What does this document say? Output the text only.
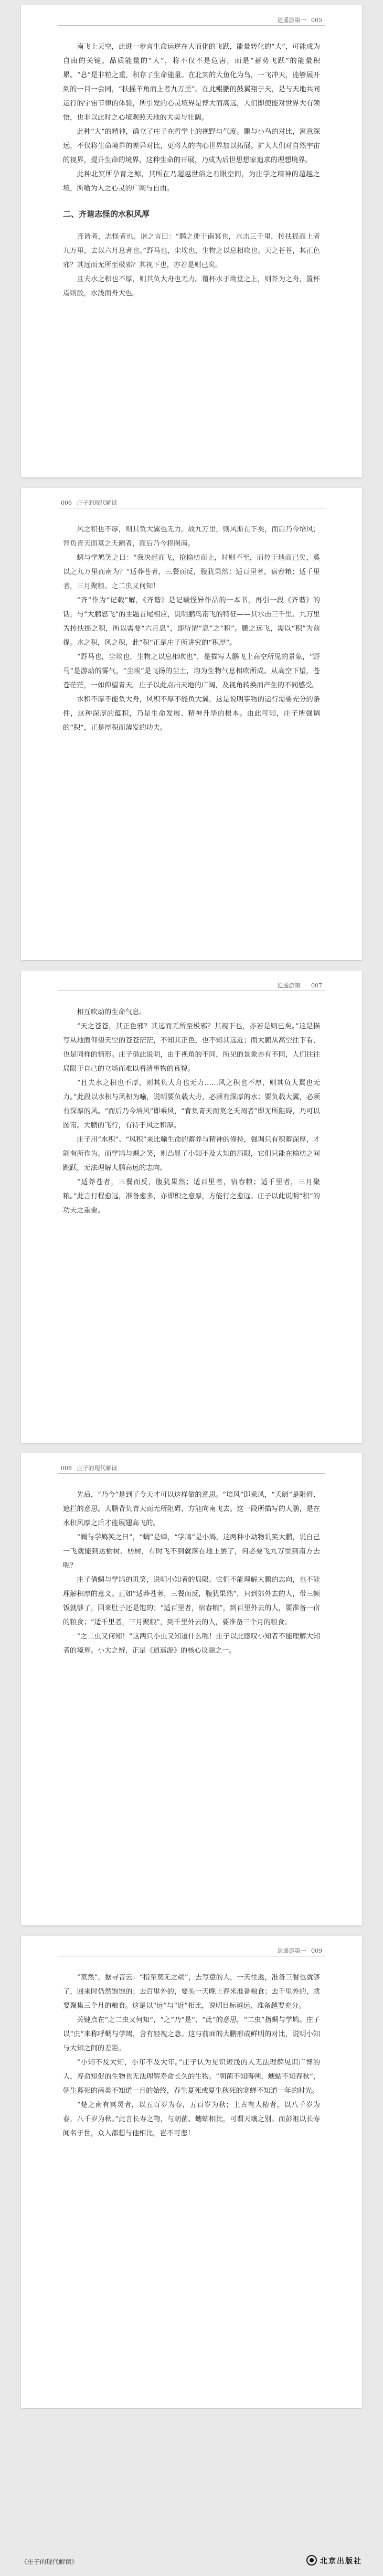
逍遥游第一 005

南飞上天空，此进一步言生命运逆在大而化的飞跃，能量转化的“大”，可能成为自由的关键。品质能量的“大”，将不仅不是危害，而是“蓄势飞跃”的能量积累。“息”是非粒之重，积存了生命能量。在北冥的大鱼化为鸟，一飞冲天，能够展开到的一目一会同，“扶摇羊角而上者九万里”。在此鲲鹏的鼓翼翔于天，是与天地共同运行的宇宙节律的体验，所引发的心灵境界是博大而高远，人们即使能对世界大有领悟，也非以此时之心境观照天地的大美与壮阔。

此种“大”的精神，确立了庄子在哲学上的视野与气度。鹏与小鸟的对比，寓意深远，不仅将生命境界的差异对比，更将人的内心世界加以拓展。扩大人们对自然宇宙的视界，提升生命的境界，这种生命的开展，乃成为后世思想家追求的理想境界。

此种北冥所孕育之鲸，其所在乃超越世俗之有限空间，为庄学之精神的超越之境，所喻为人之心灵的广阔与自由。

二、齐谐志怪的水积风厚

齐谐者，志怪者也。谐之言曰：“鹏之徙于南冥也，水击三千里，抟扶摇而上者九万里，去以六月息者也。”野马也，尘埃也，生物之以息相吹也。天之苍苍，其正色邪？其远而无所至极邪？其视下也，亦若是则已矣。

且夫水之积也不厚，则其负大舟也无力。覆杯水于坳堂之上，则芥为之舟，置杯焉则胶，水浅而舟大也。

006 庄子的现代解读

风之积也不厚，则其负大翼也无力。故九万里，则风斯在下矣，而后乃今培风；背负青天而莫之夭阏者，而后乃今将图南。

蜩与学鸠笑之曰：“我决起而飞，抢榆枋而止，时则不至，而控于地而已矣，奚以之九万里而南为？”适莽苍者，三餐而反，腹犹果然；适百里者，宿舂粮；适千里者，三月聚粮。之二虫又何知！

“齐”作为“记载”解，《齐谐》是记载怪异作品的一本书，再引一段《齐谐》的话，与“大鹏怒飞”的主题首尾相应，说明鹏鸟南飞的特征——其水击三千里、九万里为抟扶摇之积，所以需要“六月息”，即所谓“息”之“积”。鹏之远飞，需以“积”为前提。水之积，风之积，此“积”正是庄子所讲究的“积厚”。

“野马也，尘埃也，生物之以息相吹也”，是描写大鹏飞上高空所见的景象，“野马”是游动的雾气，“尘埃”是飞扬的尘土，均为生物气息相吹所成。从高空下望，苍苍茫茫，一如仰望青天。庄子以此点出天地的广阔，及视角转换而产生的不同感受。

水积不厚不能负大舟，风积不厚不能负大翼，这是说明事物的运行需要充分的条件，这种深厚的蕴积，乃是生命发展、精神升华的根本。由此可知，庄子所强调的“积”，正是厚积而薄发的功夫。

逍遥游第一 007

相互吹动的生命气息。

“天之苍苍，其正色邪？其远而无所至极邪？其视下也，亦若是则已矣。”这是描写从地面仰望天空的苍苍茫茫，不知其正色，也不知其远近；而大鹏从高空往下看，也是同样的情形。庄子借此说明，由于视角的不同，所见的景象亦有不同，人们往往局限于自己的立场而难以看清事物的真貌。

“且夫水之积也不厚，则其负大舟也无力……风之积也不厚，则其负大翼也无力。”此段以水积与风积为喻，说明要负载大舟，必须有深厚的水；要负载大翼，必须有深厚的风。“而后乃今培风”即乘风，“背负青天而莫之夭阏者”即无所阻碍，乃可以图南。大鹏的飞行，有待于风之积厚。

庄子用“水积”、“风积”来比喻生命的蓄养与精神的修持，强调只有积蓄深厚，才能有所作为。而学鸠与蜩之笑，则凸显了小知不及大知的局限，它们只能在榆枋之间跳跃，无法理解大鹏高远的志向。

“适莽苍者，三餐而反，腹犹果然；适百里者，宿舂粮；适千里者，三月聚粮。”此言行程愈远，准备愈多，亦即积之愈厚，方能行之愈远。庄子以此说明“积”的功夫之重要。

008 庄子的现代解读

先后，“乃今”是到了今天才可以这样做的意思。“培风”即乘风，“夭阏”是阻碍、遮拦的意思。大鹏背负青天而无所阻碍，方能向南飞去。这一段所描写的大鹏，是在水积风厚之后才能展翅高飞的。

“蜩与学鸠笑之曰”，“蜩”是蝉，“学鸠”是小鸠，这两种小动物讥笑大鹏，说自己一飞就能到达榆树、枋树，有时飞不到就落在地上罢了，何必要飞九万里到南方去呢？

庄子借蜩与学鸠的讥笑，说明小知者的局限。它们不能理解大鹏的志向，也不能理解积厚的意义。正如“适莽苍者，三餐而反，腹犹果然”，只到郊外去的人，带三顿饭就够了，回来肚子还是饱的；“适百里者，宿舂粮”，到百里外去的人，要准备一宿的粮食；“适千里者，三月聚粮”，到千里外去的人，要准备三个月的粮食。

“之二虫又何知！”这两只小虫又知道什么呢！庄子以此感叹小知者不能理解大知者的境界。小大之辨，正是《逍遥游》的核心议题之一。

逍遥游第一 009

“莫然”，据寻音云：“指至莫无之端”，去写意的人，一天往返，准备三餐也就够了，回来时仍然饱饱的；去百里外的，要头一天晚上舂米准备粮食；去千里外的，就要聚集三个月的粮食。这是以“远”与“近”相比，说明目标越远，准备越要充分。

关键点在“之二虫又何知”，“之”乃“是”、“此”的意思，“二虫”指蜩与学鸠。庄子以“虫”来称呼蜩与学鸠，含有轻视之意。这与前面的大鹏形成鲜明的对比，说明小知与大知之间的差距。

“小知不及大知，小年不及大年。”庄子认为见识短浅的人无法理解见识广博的人，寿命短促的生物也无法理解寿命长久的生物。“朝菌不知晦朔，蟪蛄不知春秋”，朝生暮死的菌类不知道一月的始终，春生夏死或夏生秋死的寒蝉不知道一年的时光。

“楚之南有冥灵者，以五百岁为春，五百岁为秋；上古有大椿者，以八千岁为春，八千岁为秋。”此言长寿之物，与朝菌、蟪蛄相比，可谓天壤之别。而彭祖以长寿闻名于世，众人都想与他相比，岂不可悲！

《庄子的现代解读》	北京出版社
